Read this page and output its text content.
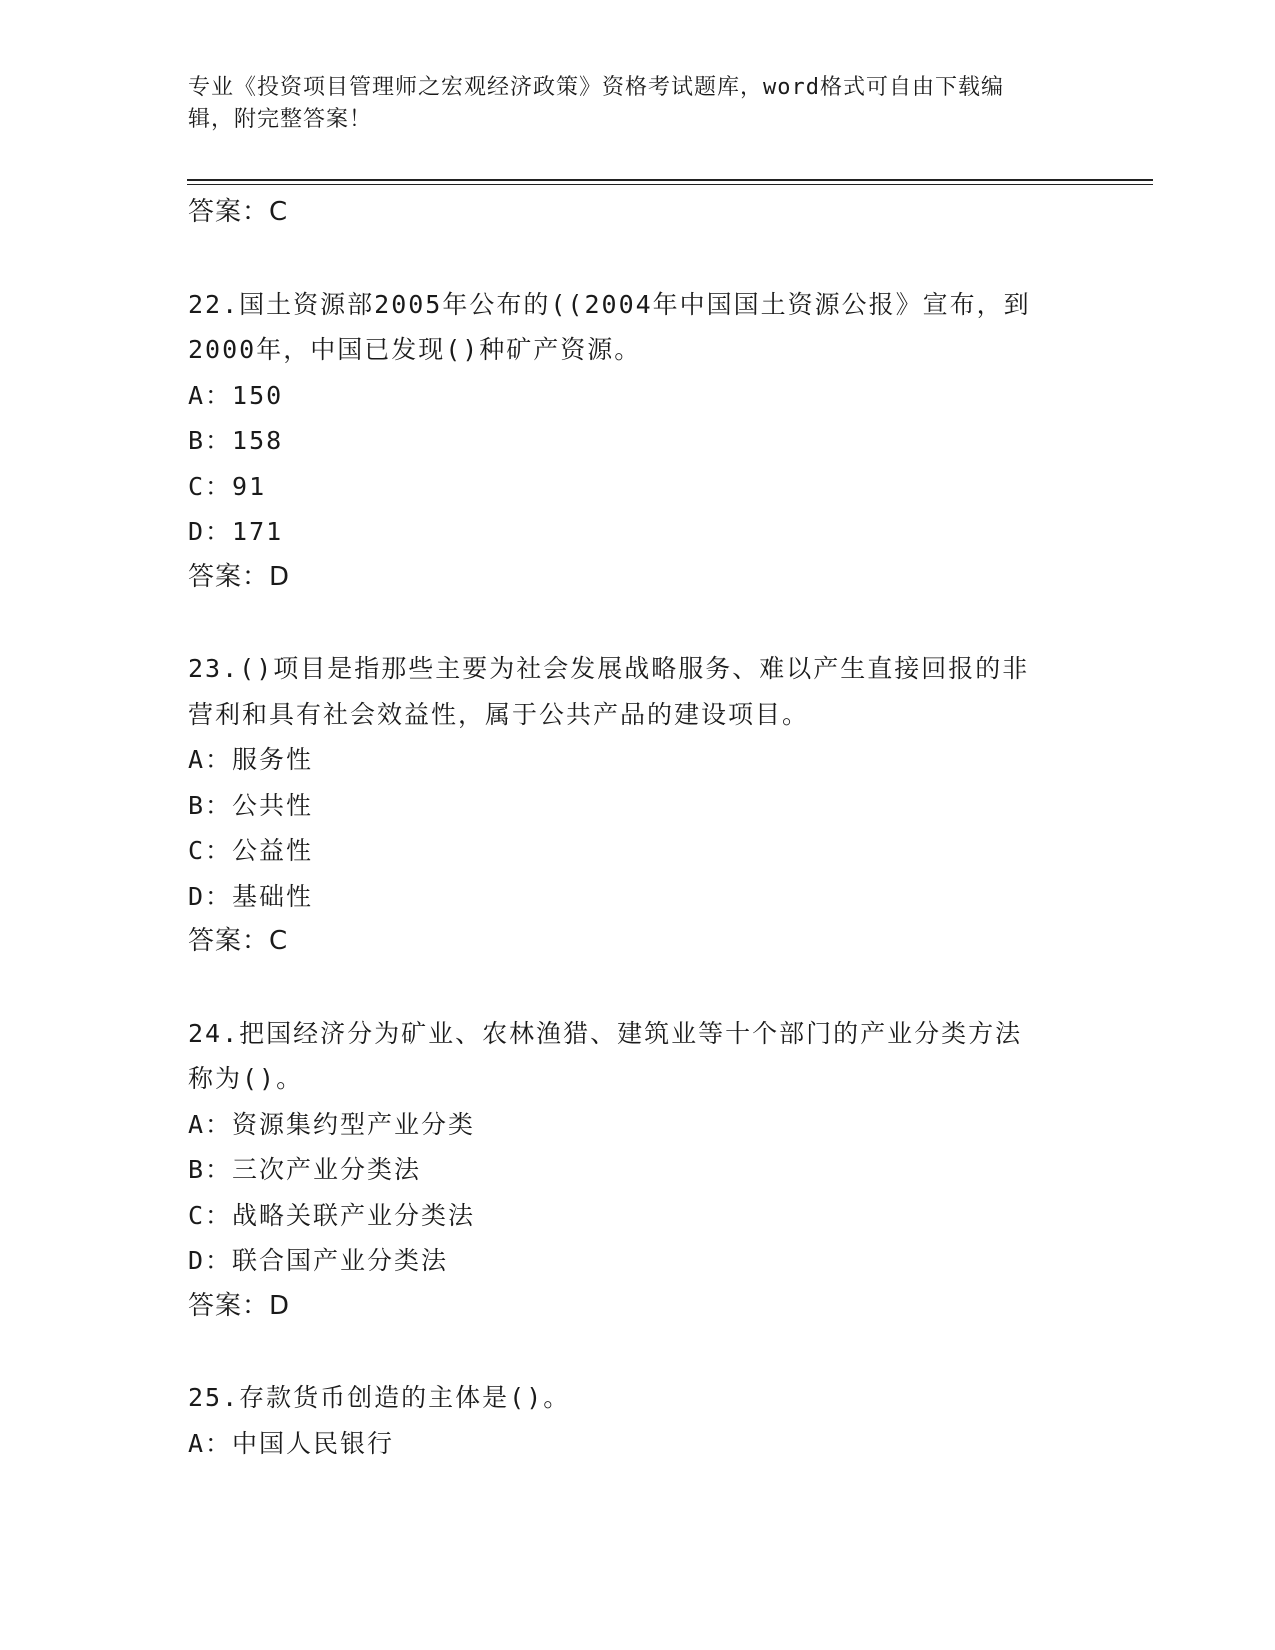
专业《投资项目管理师之宏观经济政策》资格考试题库，word格式可自由下载编
辑，附完整答案！
答案：C
22.国土资源部2005年公布的((2004年中国国土资源公报》宣布，到
2000年，中国已发现()种矿产资源。
A：150
B：158
C：91
D：171
答案：D
23.()项目是指那些主要为社会发展战略服务、难以产生直接回报的非
营利和具有社会效益性，属于公共产品的建设项目。
A：服务性
B：公共性
C：公益性
D：基础性
答案：C
24.把国经济分为矿业、农林渔猎、建筑业等十个部门的产业分类方法
称为()。
A：资源集约型产业分类
B：三次产业分类法
C：战略关联产业分类法
D：联合国产业分类法
答案：D
25.存款货币创造的主体是()。
A：中国人民银行
